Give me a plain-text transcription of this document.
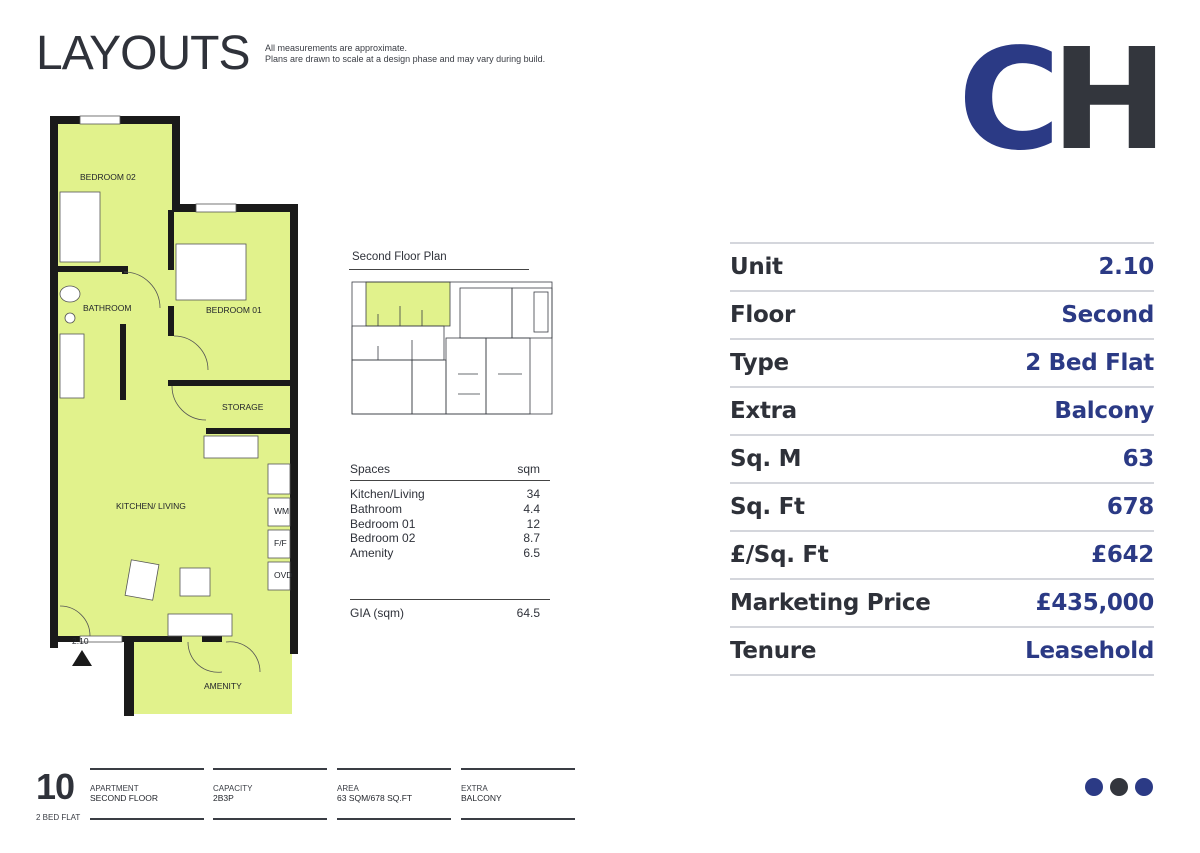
LAYOUTS All measurements are approximate.
Plans are drawn to scale at a design phase and may vary during build.	CH
BEDROOM 02
BATHROOM	BEDROOM 01
STORAGE
KITCHEN/ LIVING
AMENITY
2.10
WM
F/F
OVD
Second Floor Plan
Spaces	sqm
Kitchen/Living	34
Bathroom	4.4
Bedroom 01	12
Bedroom 02	8.7
Amenity	6.5
GIA (sqm)	64.5
Unit	2.10
Floor	Second
Type	2 Bed Flat
Extra	Balcony
Sq. M	63
Sq. Ft	678
£/Sq. Ft	£642
Marketing Price	£435,000
Tenure	Leasehold
10
2 BED FLAT
APARTMENT
SECOND FLOOR
CAPACITY
2B3P
AREA
63 SQM/678 SQ.FT
EXTRA
BALCONY
